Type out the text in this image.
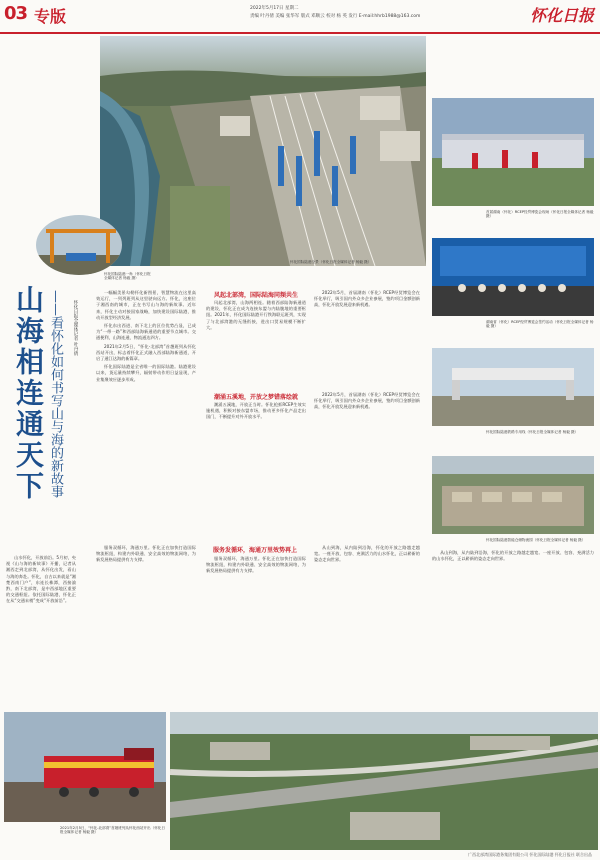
03 专版	2022年5月17日 星期二
责编 叶丹倩 美编 张华军 版式 邓顺云 校对 杨 英 发行 E-mail:hhrb1988@163.com	怀化日报
怀化国际陆港全景（怀化日报全媒体记者 杨毅 摄）
怀化国际陆港一角（怀化日报全媒体记者 杨毅 摄）
山海相连通天下 ——看怀化如何书写山与海的新故事	怀化日报全媒体记者 叶丹倩

山水怀化，开放前沿。5月初，央视《山与海的新故事》开播，记者从湘西走到北部湾，从怀化出发，看山与海的奔赴。怀化，自古以来就是“湘楚西南门户”，东连长株潭，西接渝黔，南下北部湾，是中西部地区重要的交通枢纽。依托国际陆港，怀化正在从“交通末梢”变成“开放前沿”。

一幅幅美景勾勒怀化新图景，智慧物流在这里高效运行，一列列班列从这里驶向远方。怀化，这座位于湘西南的城市，正在书写山与海的新故事。近年来，怀化主动对接国家战略，加快建设国际陆港，推动开放型经济发展。

怀化东出西进、南下北上的区位优势凸显，已成为“一带一路”和西部陆海新通道的重要节点城市。交通便利，山海连通，物流通达四方。

2021年2月5日，“怀化-北部湾”首趟班列从怀化西站开出，标志着怀化正式融入西部陆海新通道，开启了通江达海的新篇章。

怀化国际陆港是全省唯一的国际陆港。陆港建设以来，货运量持续攀升，辐射带动作用日益显现，产业集聚效应逐步形成。

风起北部湾，国际陆海同频共生

风起北部湾，山海两相连。随着西部陆海新通道的建设，怀化正在成为连接东盟与内陆腹地的重要枢纽。2021年，怀化国际陆港开行铁海联运班列，实现了与北部湾港的无缝衔接，进出口贸易规模不断扩大。

2022年5月，首届湖南（怀化）RCEP经贸博览会在怀化举行，吸引国内外众多企业参展，签约项目金额创新高，怀化开放发展迎来新机遇。

潮涌五溪地，开放之梦错落绘就

潮涌五溪地，开放正当时。怀化抢抓RCEP生效实施机遇，积极对接东盟市场，推动更多怀化产品走出国门，不断提升对外开放水平。

2022年5月，首届湖南（怀化）RCEP经贸博览会在怀化举行，吸引国内外众多企业参展，签约项目金额创新高，怀化开放发展迎来新机遇。

服务发循环，海通万里效势再上

服务双循环，海通万里。怀化正在加快打造国际物流枢纽，构建内外联通、安全高效的物流网络，为新发展格局提供有力支撑。	服务双循环，海通万里。怀化正在加快打造国际物流枢纽，构建内外联通、安全高效的物流网络，为新发展格局提供有力支撑。

从山到海，从内陆到沿海，怀化的开放之路越走越宽。一座开放、包容、充满活力的山水怀化，正以崭新的姿态走向世界。

首届湖南（怀化）RCEP经贸博览会现场（怀化日报全媒体记者 杨毅 摄）
湖南省（怀化）RCEP经贸博览会签约活动（怀化日报全媒体记者 杨毅 摄）
怀化国际陆港铁路专用线（怀化日报全媒体记者 杨毅 摄）
怀化国际陆港智能仓储物流园（怀化日报全媒体记者 杨毅 摄）

从山到海，从内陆到沿海，怀化的开放之路越走越宽。一座开放、包容、充满活力的山水怀化，正以崭新的姿态走向世界。

2021年2月5日，“怀化-北部湾”首趟班列从怀化西站开出（怀化日报全媒体记者 杨毅 摄）
广西北部湾国际港务集团有限公司 怀化国际陆港 怀化日报社 联合出品
